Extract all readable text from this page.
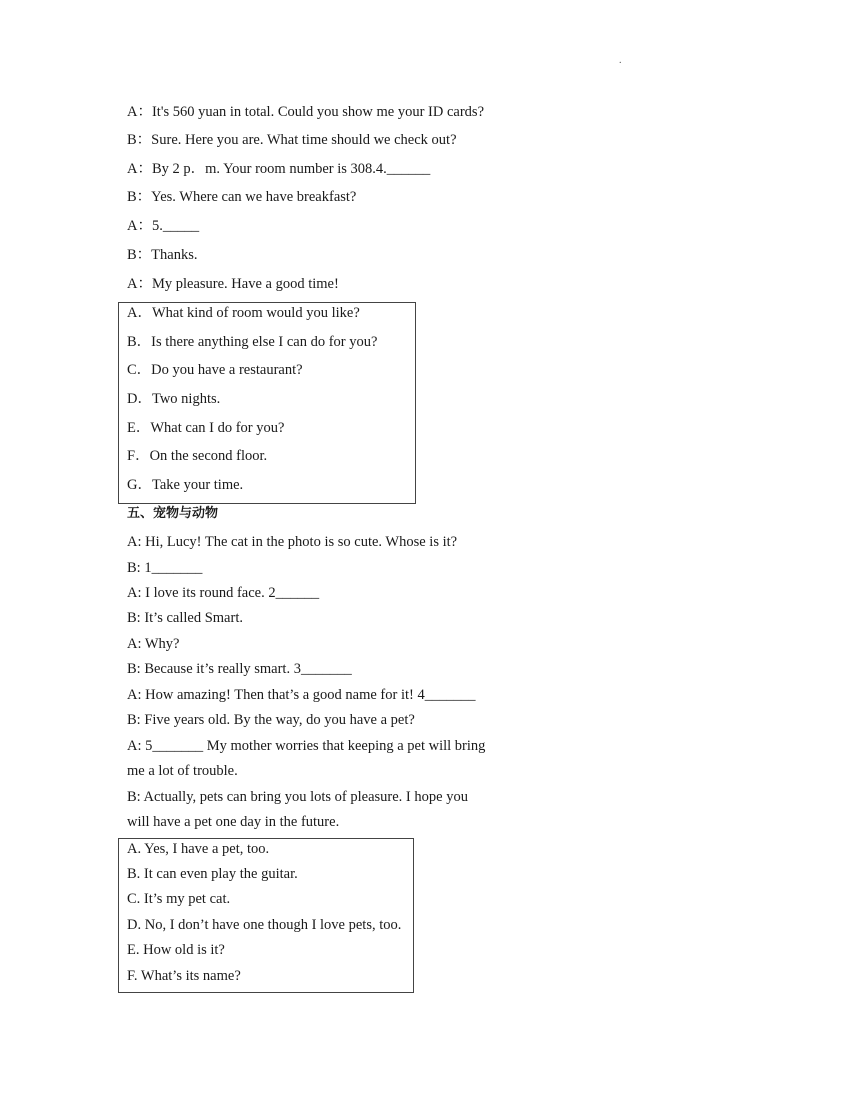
.
A：It's 560 yuan in total. Could you show me your ID cards?
B：Sure. Here you are. What time should we check out?
A：By 2 p．m. Your room number is 308.4.______
B：Yes. Where can we have breakfast?
A：5._____
B：Thanks.
A：My pleasure. Have a good time!
A．What kind of room would you like?
B．Is there anything else I can do for you?
C．Do you have a restaurant?
D．Two nights.
E．What can I do for you?
F．On the second floor.
G．Take your time.
五、宠物与动物
A: Hi, Lucy! The cat in the photo is so cute. Whose is it?
B: 1_______
A: I love its round face. 2______
B: It’s called Smart.
A: Why?
B: Because it’s really smart. 3_______
A: How amazing! Then that’s a good name for it! 4_______
B: Five years old. By the way, do you have a pet?
A: 5_______ My mother worries that keeping a pet will bring
me a lot of trouble.
B: Actually, pets can bring you lots of pleasure. I hope you
will have a pet one day in the future.
A. Yes, I have a pet, too.
B. It can even play the guitar.
C. It’s my pet cat.
D. No, I don’t have one though I love pets, too.
E. How old is it?
F. What’s its name?
